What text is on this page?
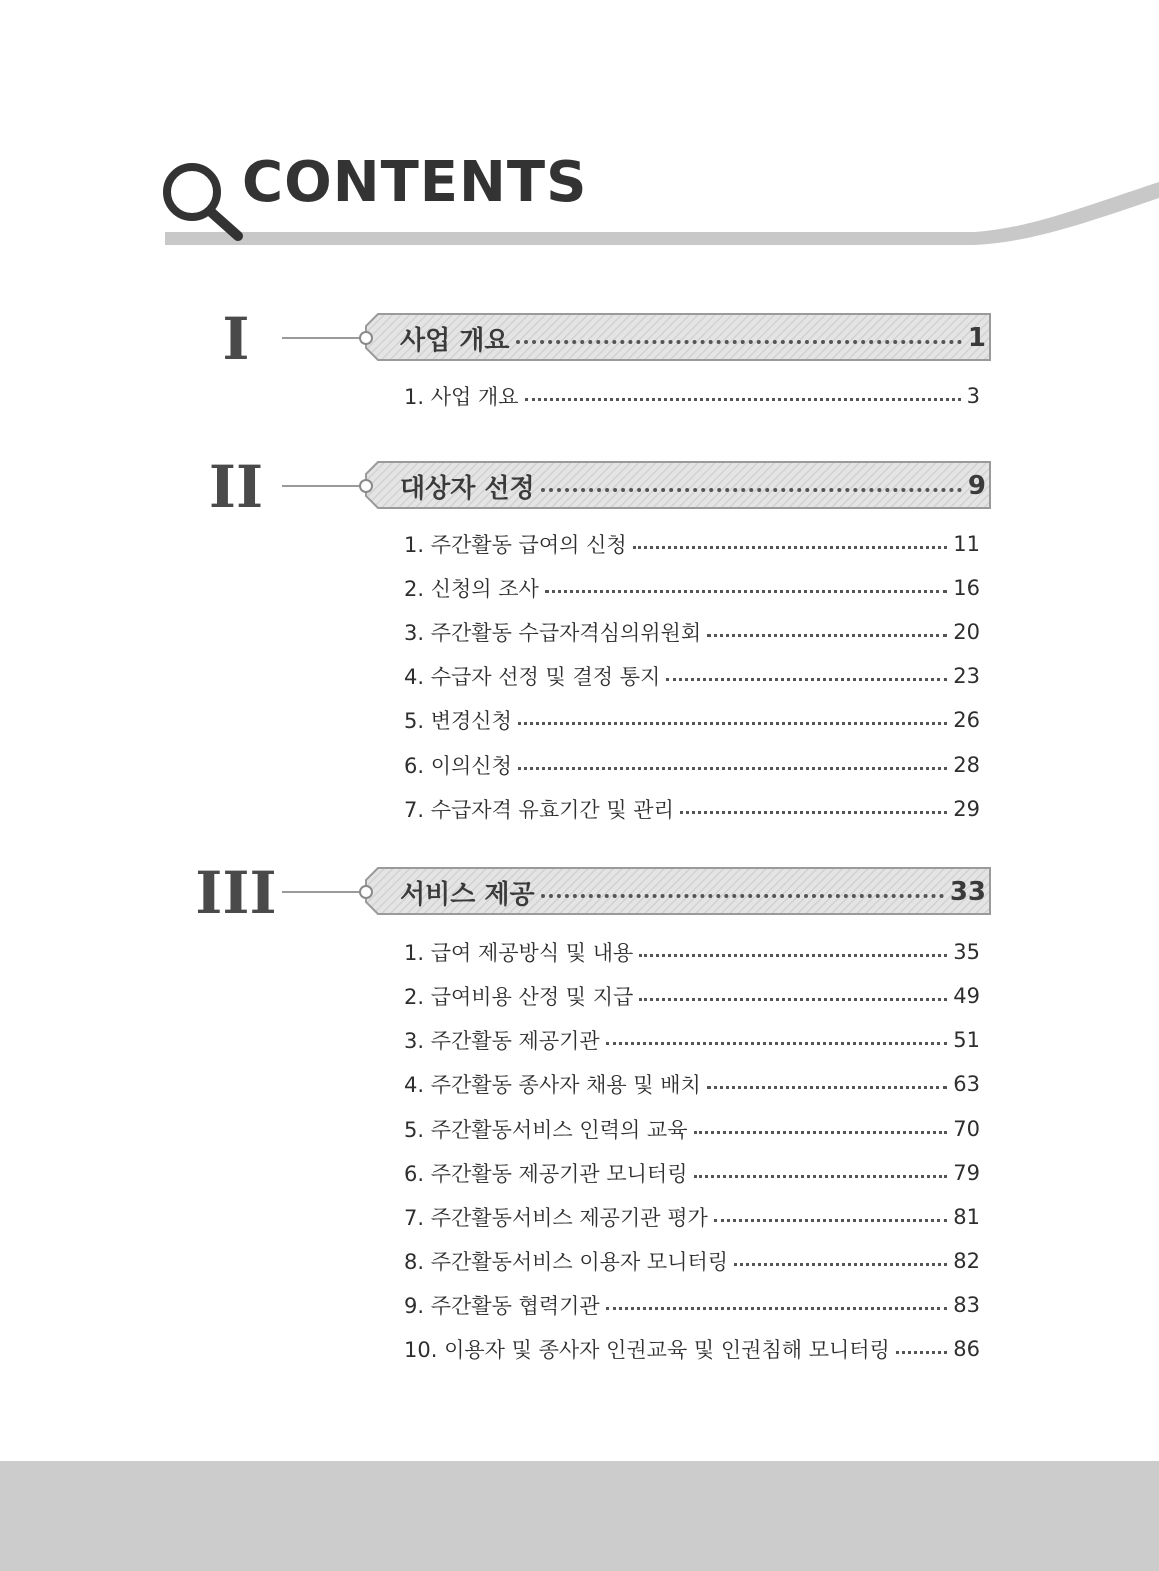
CONTENTS
I	사업 개요	1
1. 사업 개요	3
II	대상자 선정	9
1. 주간활동 급여의 신청	11
2. 신청의 조사	16
3. 주간활동 수급자격심의위원회	20
4. 수급자 선정 및 결정 통지	23
5. 변경신청	26
6. 이의신청	28
7. 수급자격 유효기간 및 관리	29
III	서비스 제공	33
1. 급여 제공방식 및 내용	35
2. 급여비용 산정 및 지급	49
3. 주간활동 제공기관	51
4. 주간활동 종사자 채용 및 배치	63
5. 주간활동서비스 인력의 교육	70
6. 주간활동 제공기관 모니터링	79
7. 주간활동서비스 제공기관 평가	81
8. 주간활동서비스 이용자 모니터링	82
9. 주간활동 협력기관	83
10. 이용자 및 종사자 인권교육 및 인권침해 모니터링	86
